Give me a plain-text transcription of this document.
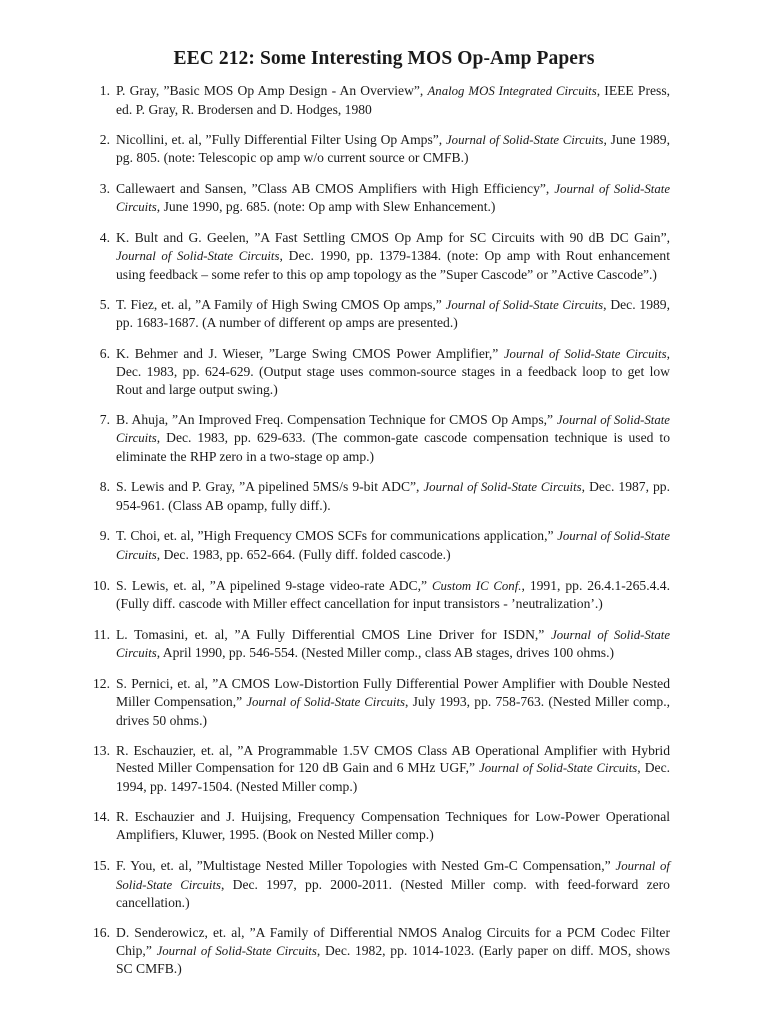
EEC 212: Some Interesting MOS Op-Amp Papers
1. P. Gray, ”Basic MOS Op Amp Design - An Overview”, Analog MOS Integrated Circuits, IEEE Press, ed. P. Gray, R. Brodersen and D. Hodges, 1980
2. Nicollini, et. al, ”Fully Differential Filter Using Op Amps”, Journal of Solid-State Circuits, June 1989, pg. 805. (note: Telescopic op amp w/o current source or CMFB.)
3. Callewaert and Sansen, ”Class AB CMOS Amplifiers with High Efficiency”, Journal of Solid-State Circuits, June 1990, pg. 685. (note: Op amp with Slew Enhancement.)
4. K. Bult and G. Geelen, ”A Fast Settling CMOS Op Amp for SC Circuits with 90 dB DC Gain”, Journal of Solid-State Circuits, Dec. 1990, pp. 1379-1384. (note: Op amp with Rout enhancement using feedback – some refer to this op amp topology as the ”Super Cascode” or ”Active Cascode”.)
5. T. Fiez, et. al, ”A Family of High Swing CMOS Op amps,” Journal of Solid-State Circuits, Dec. 1989, pp. 1683-1687. (A number of different op amps are presented.)
6. K. Behmer and J. Wieser, ”Large Swing CMOS Power Amplifier,” Journal of Solid-State Circuits, Dec. 1983, pp. 624-629. (Output stage uses common-source stages in a feedback loop to get low Rout and large output swing.)
7. B. Ahuja, ”An Improved Freq. Compensation Technique for CMOS Op Amps,” Journal of Solid-State Circuits, Dec. 1983, pp. 629-633. (The common-gate cascode compensation technique is used to eliminate the RHP zero in a two-stage op amp.)
8. S. Lewis and P. Gray, ”A pipelined 5MS/s 9-bit ADC”, Journal of Solid-State Circuits, Dec. 1987, pp. 954-961. (Class AB opamp, fully diff.).
9. T. Choi, et. al, ”High Frequency CMOS SCFs for communications application,” Journal of Solid-State Circuits, Dec. 1983, pp. 652-664. (Fully diff. folded cascode.)
10. S. Lewis, et. al, ”A pipelined 9-stage video-rate ADC,” Custom IC Conf., 1991, pp. 26.4.1-265.4.4. (Fully diff. cascode with Miller effect cancellation for input transistors - ’neutralization’.)
11. L. Tomasini, et. al, ”A Fully Differential CMOS Line Driver for ISDN,” Journal of Solid-State Circuits, April 1990, pp. 546-554. (Nested Miller comp., class AB stages, drives 100 ohms.)
12. S. Pernici, et. al, ”A CMOS Low-Distortion Fully Differential Power Amplifier with Double Nested Miller Compensation,” Journal of Solid-State Circuits, July 1993, pp. 758-763. (Nested Miller comp., drives 50 ohms.)
13. R. Eschauzier, et. al, ”A Programmable 1.5V CMOS Class AB Operational Amplifier with Hybrid Nested Miller Compensation for 120 dB Gain and 6 MHz UGF,” Journal of Solid-State Circuits, Dec. 1994, pp. 1497-1504. (Nested Miller comp.)
14. R. Eschauzier and J. Huijsing, Frequency Compensation Techniques for Low-Power Operational Amplifiers, Kluwer, 1995. (Book on Nested Miller comp.)
15. F. You, et. al, ”Multistage Nested Miller Topologies with Nested Gm-C Compensation,” Journal of Solid-State Circuits, Dec. 1997, pp. 2000-2011. (Nested Miller comp. with feed-forward zero cancellation.)
16. D. Senderowicz, et. al, ”A Family of Differential NMOS Analog Circuits for a PCM Codec Filter Chip,” Journal of Solid-State Circuits, Dec. 1982, pp. 1014-1023. (Early paper on diff. MOS, shows SC CMFB.)
